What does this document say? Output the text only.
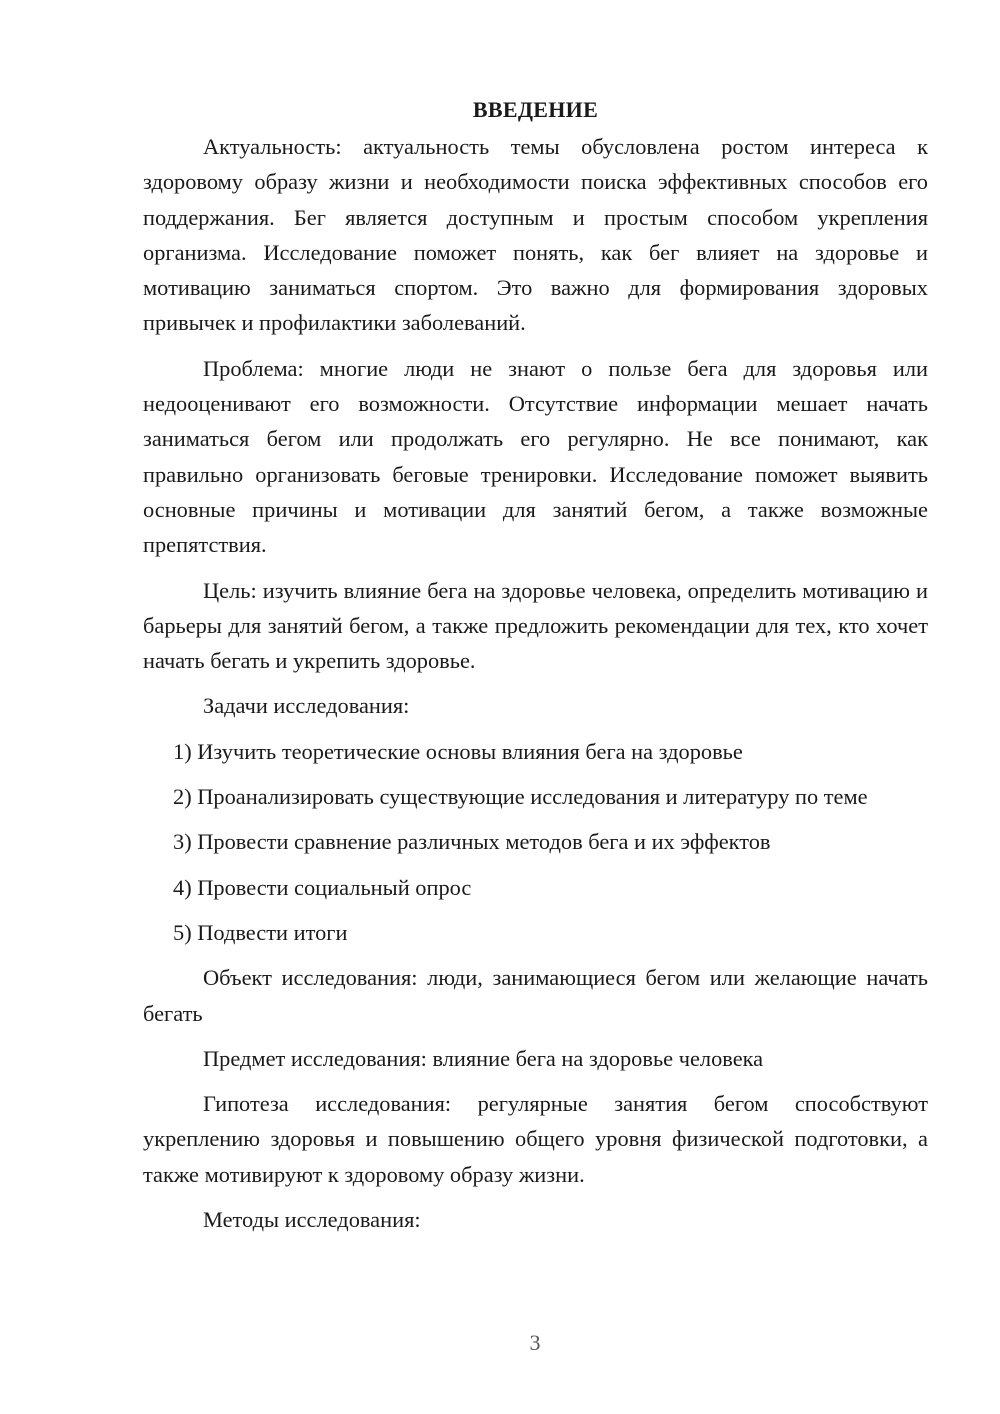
ВВЕДЕНИЕ

Актуальность: актуальность темы обусловлена ростом интереса к здоровому образу жизни и необходимости поиска эффективных способов его поддержания. Бег является доступным и простым способом укрепления организма. Исследование поможет понять, как бег влияет на здоровье и мотивацию заниматься спортом. Это важно для формирования здоровых привычек и профилактики заболеваний.

Проблема: многие люди не знают о пользе бега для здоровья или недооценивают его возможности. Отсутствие информации мешает начать заниматься бегом или продолжать его регулярно. Не все понимают, как правильно организовать беговые тренировки. Исследование поможет выявить основные причины и мотивации для занятий бегом, а также возможные препятствия.

Цель: изучить влияние бега на здоровье человека, определить мотивацию и барьеры для занятий бегом, а также предложить рекомендации для тех, кто хочет начать бегать и укрепить здоровье.

Задачи исследования:

1) Изучить теоретические основы влияния бега на здоровье

2) Проанализировать существующие исследования и литературу по теме

3) Провести сравнение различных методов бега и их эффектов

4) Провести социальный опрос

5) Подвести итоги

Объект исследования: люди, занимающиеся бегом или желающие начать бегать

Предмет исследования: влияние бега на здоровье человека

Гипотеза исследования: регулярные занятия бегом способствуют укреплению здоровья и повышению общего уровня физической подготовки, а также мотивируют к здоровому образу жизни.

Методы исследования:

3
